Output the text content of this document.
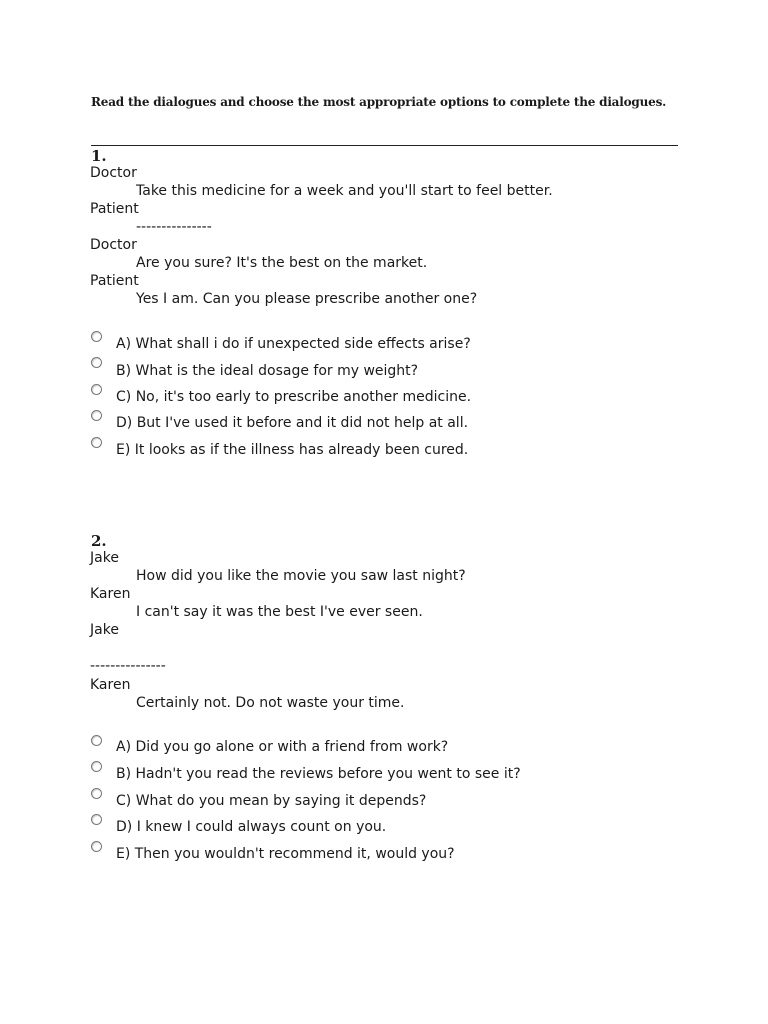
Read the dialogues and choose the most appropriate options to complete the dialogues.
1.
Doctor
Take this medicine for a week and you'll start to feel better.
Patient
---------------
Doctor
Are you sure? It's the best on the market.
Patient
Yes I am. Can you please prescribe another one?
A) What shall i do if unexpected side effects arise?
B) What is the ideal dosage for my weight?
C) No, it's too early to prescribe another medicine.
D) But I've used it before and it did not help at all.
E) It looks as if the illness has already been cured.
2.
Jake
How did you like the movie you saw last night?
Karen
I can't say it was the best I've ever seen.
Jake
---------------
Karen
Certainly not. Do not waste your time.
A) Did you go alone or with a friend from work?
B) Hadn't you read the reviews before you went to see it?
C) What do you mean by saying it depends?
D) I knew I could always count on you.
E) Then you wouldn't recommend it, would you?
